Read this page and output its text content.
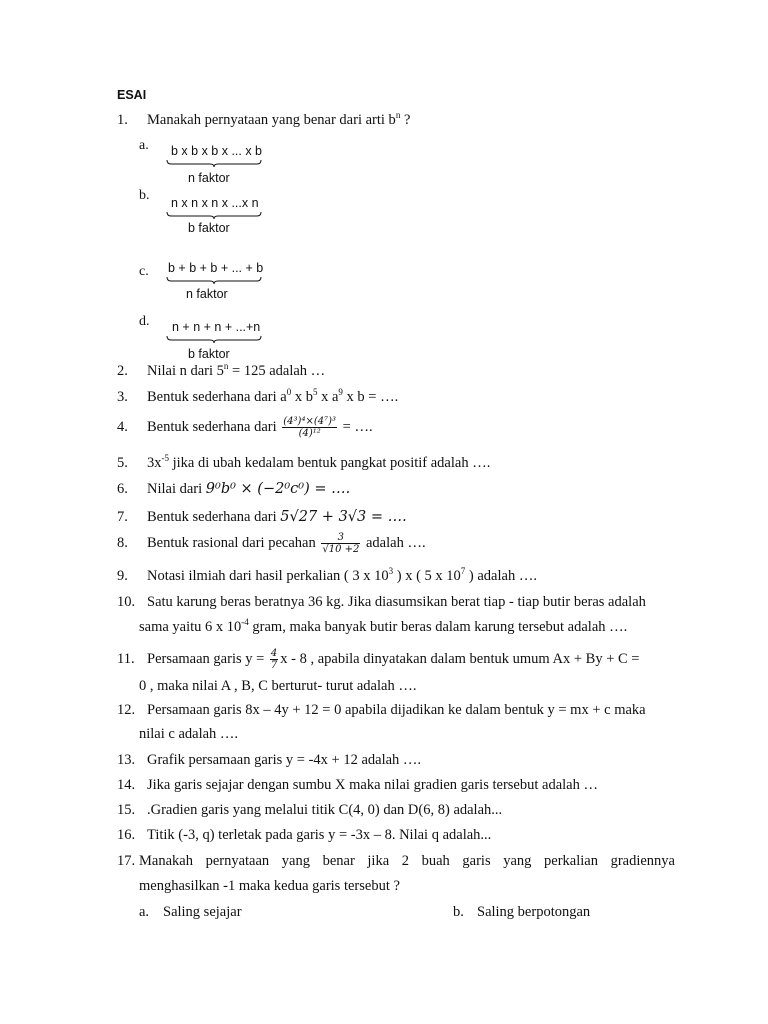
ESAI
1. Manakah pernyataan yang benar dari arti $b^n$ ?
a. b x b x b x ... x b
n faktor
b. n x n x n x ...x n
b faktor
c. b + b + b + ... + b
n faktor
d. n + n + n + ...+n
b faktor
2. Nilai n dari $5^n = 125$ adalah …
3. Bentuk sederhana dari $a^0$ x $b^5$ x $a^9$ x b = ….
4. Bentuk sederhana dari $\frac{\text{(4³)⁴×(4⁷)³}}{\text{(4)¹²}}$ = ….
5. $3x^{-5}$ jika di ubah kedalam bentuk pangkat positif adalah ….
6. Nilai dari 9⁰b⁰ × (−2⁰c⁰) = ….
7. Bentuk sederhana dari 5√27 + 3√3 = ….
8. Bentuk rasional dari pecahan $\frac{3}{√10 +2}$ adalah ….
9. Notasi ilmiah dari hasil perkalian ( 3 x $10^3$ ) x ( 5 x $10^7$ ) adalah ….
10. Satu karung beras beratnya 36 kg. Jika diasumsikan berat tiap - tiap butir beras adalah
sama yaitu 6 x $10^{-4}$ gram, maka banyak butir beras dalam karung tersebut adalah ….
11. Persamaan garis $y = \frac{4}{7}$ x - 8 , apabila dinyatakan dalam bentuk umum Ax + By + C =
0 , maka nilai A , B, C berturut- turut adalah ….
12. Persamaan garis 8x – 4y + 12 = 0 apabila dijadikan ke dalam bentuk y = mx + c maka
nilai c adalah ….
13. Grafik persamaan garis y = -4x + 12 adalah ….
14. Jika garis sejajar dengan sumbu X maka nilai gradien garis tersebut adalah …
15. .Gradien garis yang melalui titik C(4, 0) dan D(6, 8) adalah...
16. Titik (-3, q) terletak pada garis y = -3x – 8. Nilai q adalah...
17. Manakah pernyataan yang benar jika 2 buah garis yang perkalian gradiennya
menghasilkan -1 maka kedua garis tersebut ?
a. Saling sejajar	b. Saling berpotongan
